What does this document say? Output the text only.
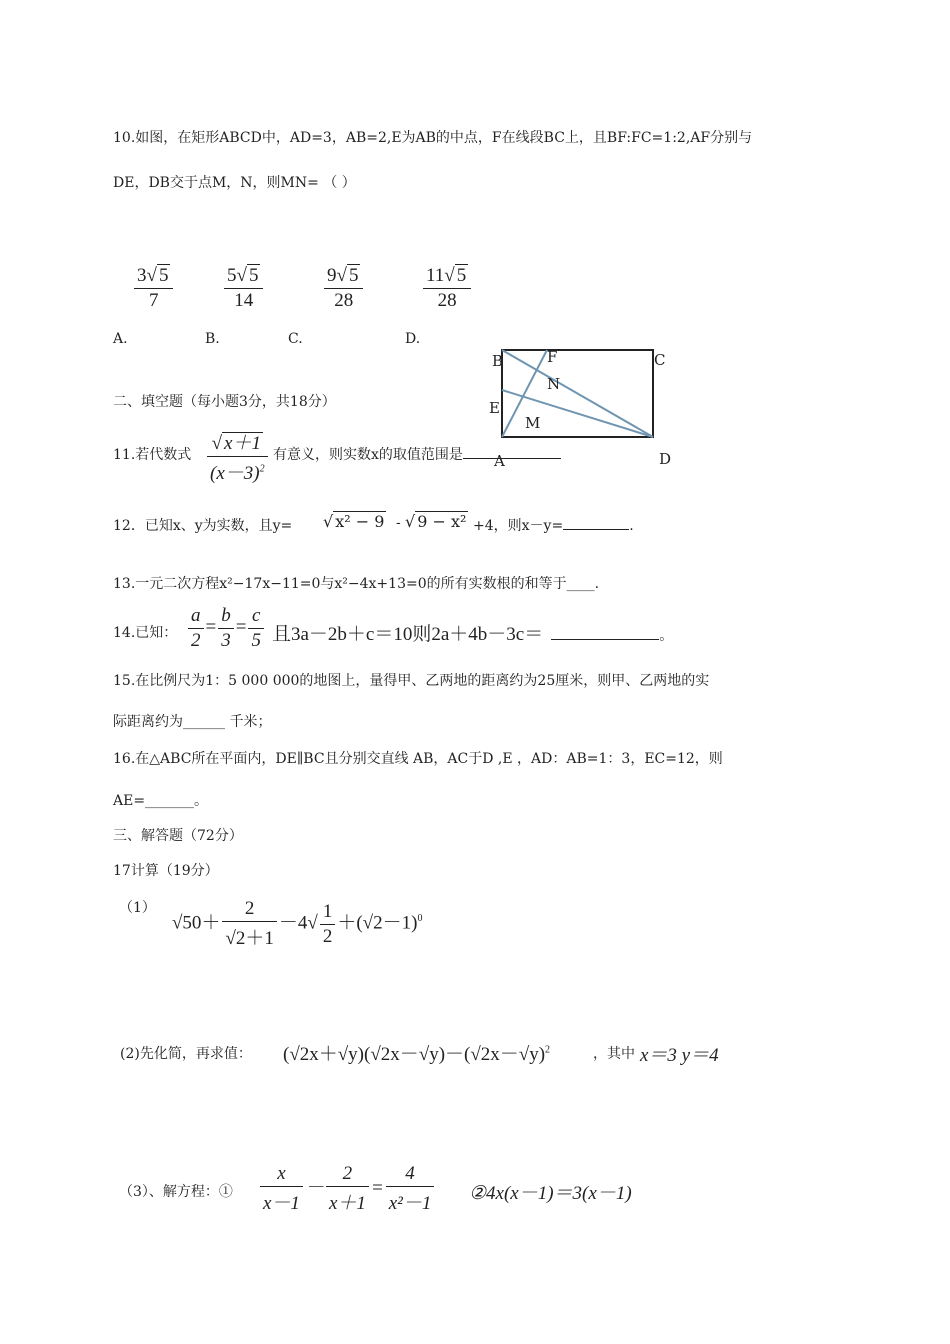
10.如图，在矩形ABCD中，AD=3，AB=2,E为AB的中点，F在线段BC上，且BF:FC=1:2,AF分别与
DE，DB交于点M，N，则MN= （ ）
$\frac{3√ 5}{7}$	$\frac{5√ 5}{14}$	$\frac{9√ 5}{28}$	$\frac{11√ 5}{28}$
A.	B.	C.	D.
B	F	C
N
E
M
A	D
二、填空题（每小题3分，共18分）
11.若代数式 $\frac{√ x+1}{(x-3)^2}$ 有意义，则实数x的取值范围是
12．已知x、y为实数，且y= √ x² − 9 - √ 9 − x² +4，则x－y=	.
13.一元二次方程x²−17x−11=0与x²−4x+13=0的所有实数根的和等于____.
14.已知： $\frac{a}{2} = \frac{b}{3} = \frac{c}{5}$ 且3a－2b＋c＝10则2a＋4b－3c＝	。
15.在比例尺为1：5 000 000的地图上，量得甲、乙两地的距离约为25厘米，则甲、乙两地的实
际距离约为______ 千米；
16.在△ABC所在平面内，DE∥BC且分别交直线 AB，AC于D ,E ，AD：AB=1：3，EC=12，则
AE=_______。
三、解答题（72分）
17计算（19分）
（1）
$√50+ \frac{2}{√2+1} -4√ \frac{1}{2} +(√2-1)^0$
(2)先化简，再求值： $(√2x+√y)(√2x-√y)-(√2x-√y)^2$	，其中 x＝3 y＝4
（3）、解方程：① $\frac{x}{x-1} - \frac{2}{x+1} = \frac{4}{\text{x²－1}}$ ②4x(x－1)＝3(x－1)
